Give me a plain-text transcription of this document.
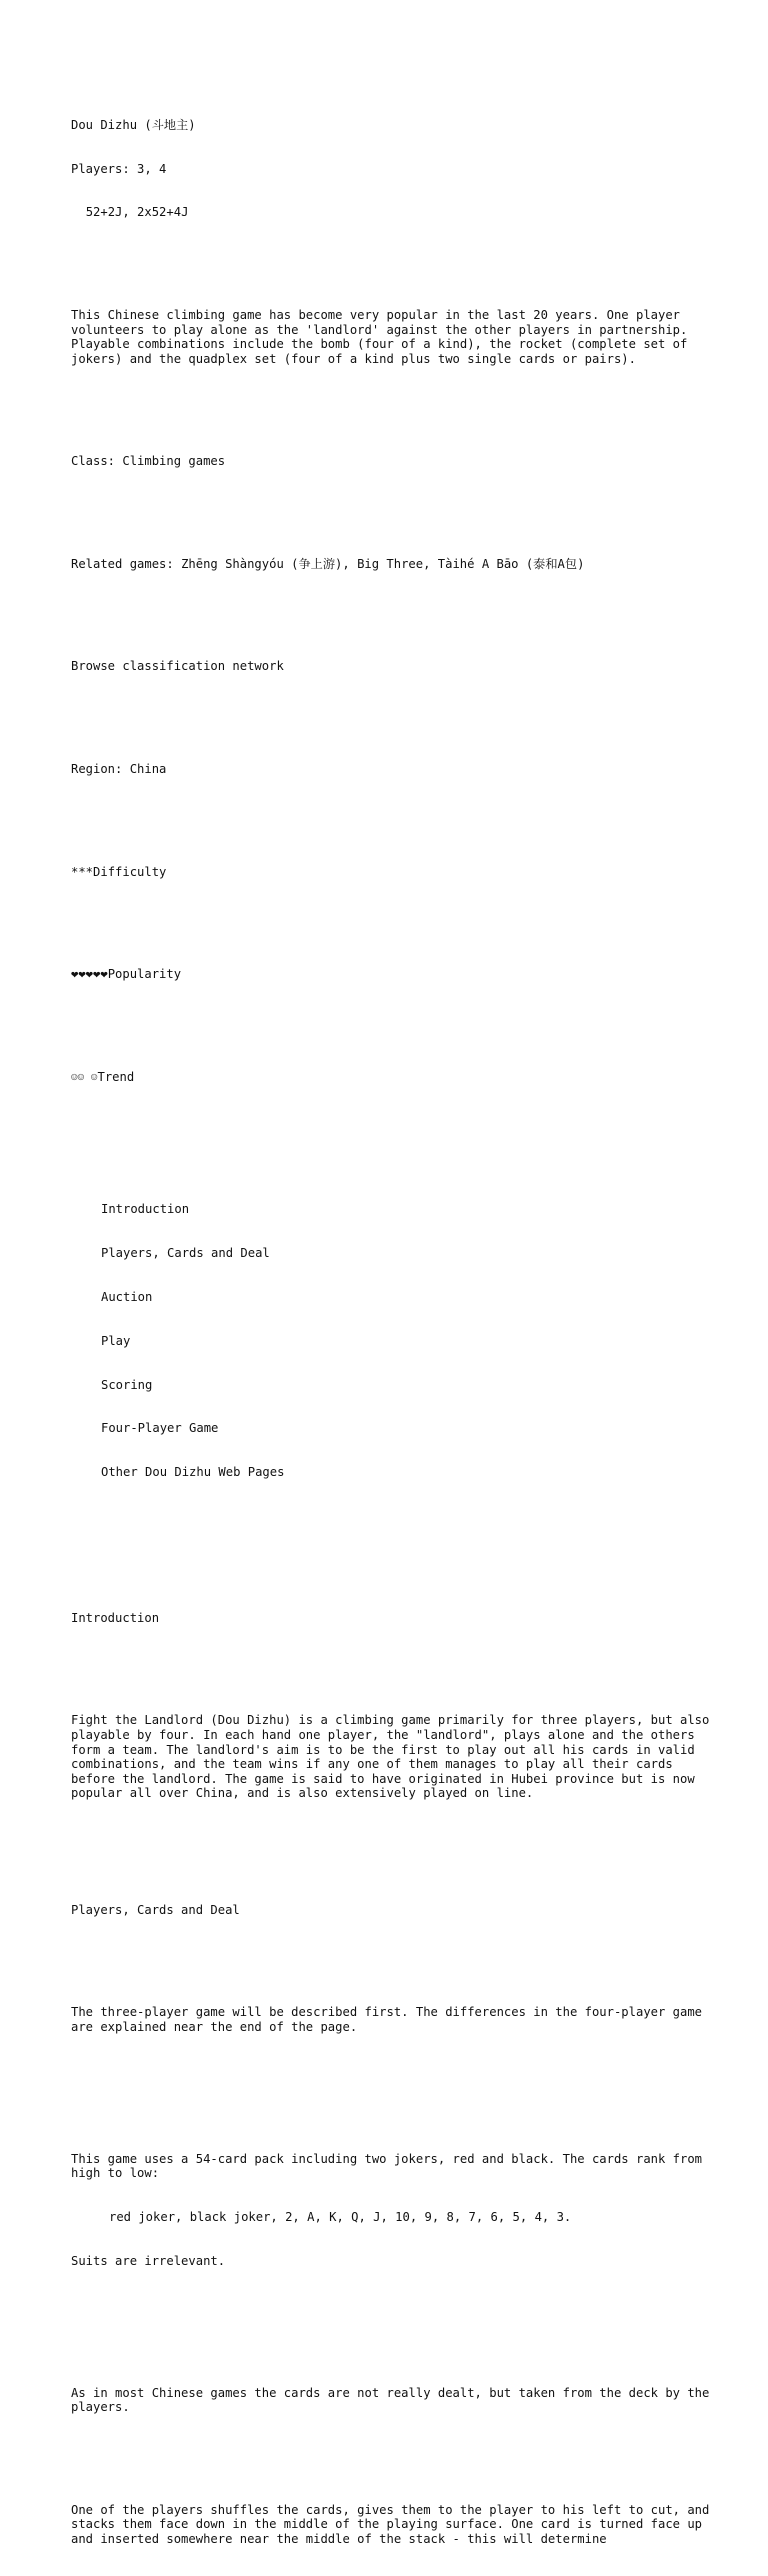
Dou Dizhu (斗地主)

Players: 3, 4

52+2J, 2x52+4J

This Chinese climbing game has become very popular in the last 20 years. One player volunteers to play alone as the 'landlord' against the other players in partnership. Playable combinations include the bomb (four of a kind), the rocket (complete set of jokers) and the quadplex set (four of a kind plus two single cards or pairs).

Class: Climbing games

Related games: Zhēng Shàngyóu (争上游), Big Three, Tàihé A Bāo (泰和A包)

Browse classification network

Region: China

***Difficulty

❤❤❤❤❤Popularity

☺☺ ☺Trend

Introduction

Players, Cards and Deal

Auction

Play

Scoring

Four-Player Game

Other Dou Dizhu Web Pages

Introduction

Fight the Landlord (Dou Dizhu) is a climbing game primarily for three players, but also playable by four. In each hand one player, the "landlord", plays alone and the others form a team. The landlord's aim is to be the first to play out all his cards in valid combinations, and the team wins if any one of them manages to play all their cards before the landlord. The game is said to have originated in Hubei province but is now popular all over China, and is also extensively played on line.

Players, Cards and Deal

The three-player game will be described first. The differences in the four-player game are explained near the end of the page.

This game uses a 54-card pack including two jokers, red and black. The cards rank from high to low:

red joker, black joker, 2, A, K, Q, J, 10, 9, 8, 7, 6, 5, 4, 3.

Suits are irrelevant.

As in most Chinese games the cards are not really dealt, but taken from the deck by the players.

One of the players shuffles the cards, gives them to the player to his left to cut, and stacks them face down in the middle of the playing surface. One card is turned face up and inserted somewhere near the middle of the stack - this will determine
